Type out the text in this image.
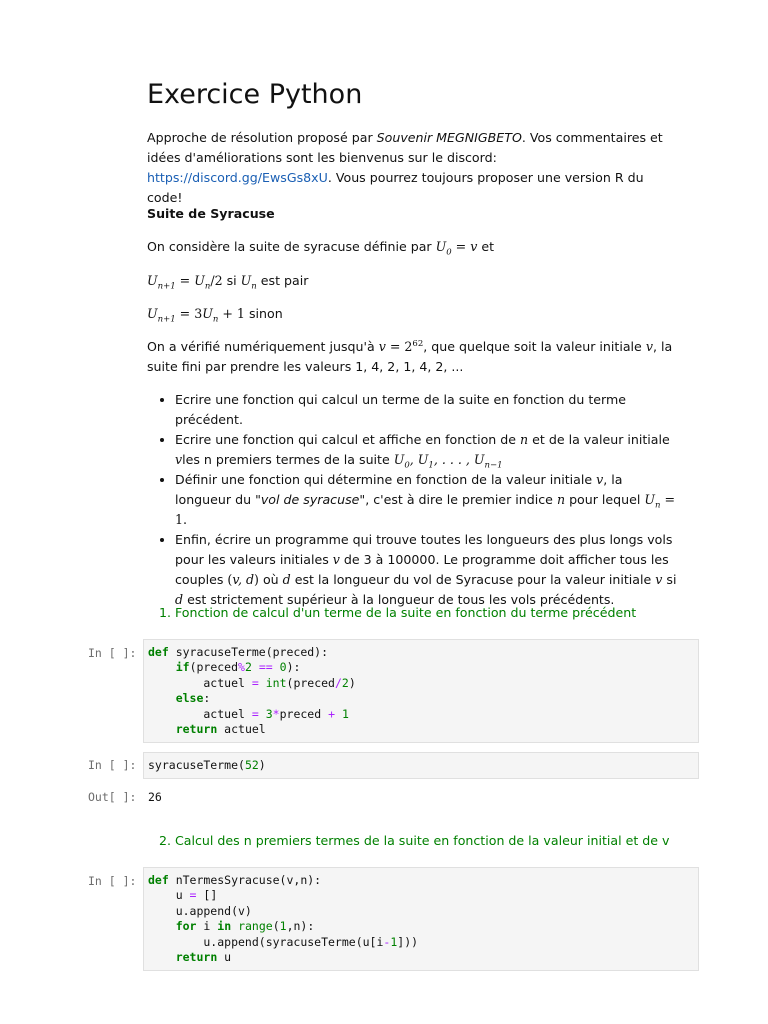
Exercice Python

Approche de résolution proposé par Souvenir MEGNIGBETO. Vos commentaires et idées d'améliorations sont les bienvenus sur le discord: https://discord.gg/EwsGs8xU. Vous pourrez toujours proposer une version R du code!

Suite de Syracuse
On considère la suite de syracuse définie par $U_0 = v$ et
$U_{n+1} = U_n/2$ si $U_n$ est pair
$U_{n+1} = 3U_n + 1$ sinon

On a vérifié numériquement jusqu'à $v = 2^{62}$, que quelque soit la valeur initiale v, la suite fini par prendre les valeurs 1, 4, 2, 1, 4, 2, ...

• Ecrire une fonction qui calcul un terme de la suite en fonction du terme précédent.
• Ecrire une fonction qui calcul et affiche en fonction de n et de la valeur initiale vles n premiers termes de la suite $U_0$, $U_1$, . . . , $U_{n-1}$
• Définir une fonction qui détermine en fonction de la valeur initiale v, la longueur du "vol de syracuse", c'est à dire le premier indice n pour lequel $U_n = 1$.
• Enfin, écrire un programme qui trouve toutes les longueurs des plus longs vols pour les valeurs initiales v de 3 à 100000. Le programme doit afficher tous les couples (v, d) où d est la longueur du vol de Syracuse pour la valeur initiale v si d est strictement supérieur à la longueur de tous les vols précédents.
1. Fonction de calcul d'un terme de la suite en fonction du terme précédent
In [ ]:	def syracuseTerme(preced):
if(preced%2 == 0):
actuel = int(preced/2)
else:
actuel = 3*preced + 1
return actuel
In [ ]:	syracuseTerme(52)
Out[ ]: 26
2. Calcul des n premiers termes de la suite en fonction de la valeur initial et de v
In [ ]:	def nTermesSyracuse(v,n):
u = []
u.append(v)
for i in range(1,n):
u.append(syracuseTerme(u[i-1]))
return u
